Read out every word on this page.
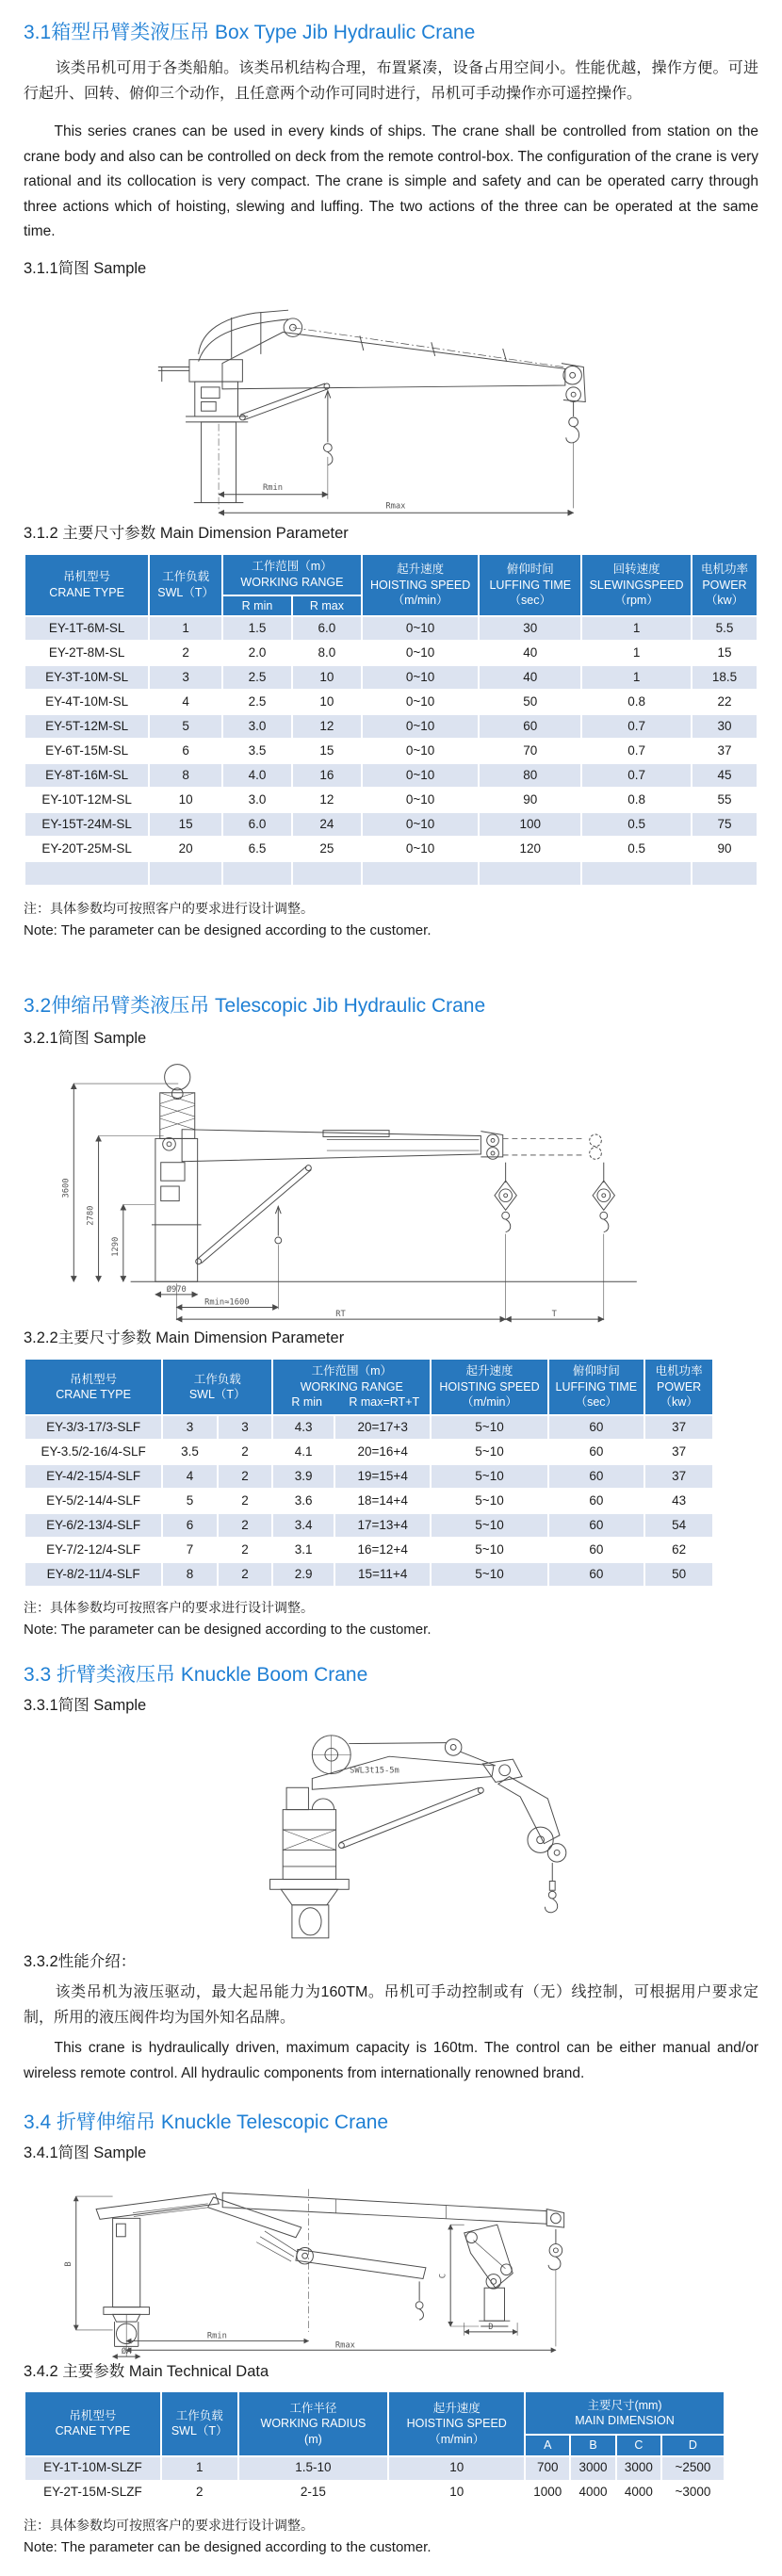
3.1箱型吊臂类液压吊 Box Type Jib Hydraulic Crane

该类吊机可用于各类船舶。该类吊机结构合理，布置紧凑，设备占用空间小。性能优越，操作方便。可进行起升、回转、俯仰三个动作，且任意两个动作可同时进行，吊机可手动操作亦可遥控操作。

This series cranes can be used in every kinds of ships. The crane shall be controlled from station on the crane body and also can be controlled on deck from the remote control-box. The configuration of the crane is very rational and its collocation is very compact. The crane is simple and safety and can be operated carry through three actions which of hoisting, slewing and luffing. The two actions of the three can be operated at the same time.

3.1.1简图 Sample
Rmin
Rmax
3.1.2 主要尺寸参数 Main Dimension Parameter
吊机型号
CRANE TYPE

工作负载
SWL（T）

工作范围（m）
WORKING RANGE

起升速度
HOISTING SPEED
（m/min）

俯仰时间
LUFFING TIME
（sec）

回转速度
SLEWINGSPEED
（rpm）

电机功率
POWER
（kw）

		R min	R max				
EY-1T-6M-SL	1	1.5	6.0	0~10	30	1	5.5
EY-2T-8M-SL	2	2.0	8.0	0~10	40	1	15
EY-3T-10M-SL	3	2.5	10	0~10	40	1	18.5
EY-4T-10M-SL	4	2.5	10	0~10	50	0.8	22
EY-5T-12M-SL	5	3.0	12	0~10	60	0.7	30
EY-6T-15M-SL	6	3.5	15	0~10	70	0.7	37
EY-8T-16M-SL	8	4.0	16	0~10	80	0.7	45
EY-10T-12M-SL	10	3.0	12	0~10	90	0.8	55
EY-15T-24M-SL	15	6.0	24	0~10	100	0.5	75
EY-20T-25M-SL	20	6.5	25	0~10	120	0.5	90

注：具体参数均可按照客户的要求进行设计调整。

Note: The parameter can be designed according to the customer.

3.2伸缩吊臂类液压吊 Telescopic Jib Hydraulic Crane
3.2.1简图 Sample
3600
2780
1290
Ø970
Rmin≈1600
RT	T
3.2.2主要尺寸参数 Main Dimension Parameter
吊机型号
CRANE TYPE

工作负载
SWL（T）

工作范围（m）
WORKING RANGE
R min	R max=RT+T

起升速度
HOISTING SPEED
（m/min）

俯仰时间
LUFFING TIME
（sec）

电机功率
POWER
（kw）

EY-3/3-17/3-SLF	3	3	4.3	20=17+3	5~10	60	37
EY-3.5/2-16/4-SLF	3.5	2	4.1	20=16+4	5~10	60	37
EY-4/2-15/4-SLF	4	2	3.9	19=15+4	5~10	60	37
EY-5/2-14/4-SLF	5	2	3.6	18=14+4	5~10	60	43
EY-6/2-13/4-SLF	6	2	3.4	17=13+4	5~10	60	54
EY-7/2-12/4-SLF	7	2	3.1	16=12+4	5~10	60	62
EY-8/2-11/4-SLF	8	2	2.9	15=11+4	5~10	60	50

注：具体参数均可按照客户的要求进行设计调整。

Note: The parameter can be designed according to the customer.

3.3 折臂类液压吊 Knuckle Boom Crane
3.3.1简图 Sample
SWL3t15-5m
3.3.2性能介绍：

该类吊机为液压驱动，最大起吊能力为160TM。吊机可手动控制或有（无）线控制，可根据用户要求定制，所用的液压阀件均为国外知名品牌。

This crane is hydraulically driven, maximum capacity is 160tm. The control can be either manual and/or wireless remote control. All hydraulic components from internationally renowned brand.

3.4 折臂伸缩吊 Knuckle Telescopic Crane
3.4.1简图 Sample
B
C
D
Rmin
Rmax
ØA
3.4.2 主要参数 Main Technical Data
吊机型号
CRANE TYPE

工作负载
SWL（T）

工作半径
WORKING RADIUS
(m)

起升速度
HOISTING SPEED
（m/min）

主要尺寸(mm)
MAIN DIMENSION

				A	B	C	D
EY-1T-10M-SLZF	1	1.5-10	10	700	3000	3000	~2500
EY-2T-15M-SLZF	2	2-15	10	1000	4000	4000	~3000

注：具体参数均可按照客户的要求进行设计调整。

Note: The parameter can be designed according to the customer.
